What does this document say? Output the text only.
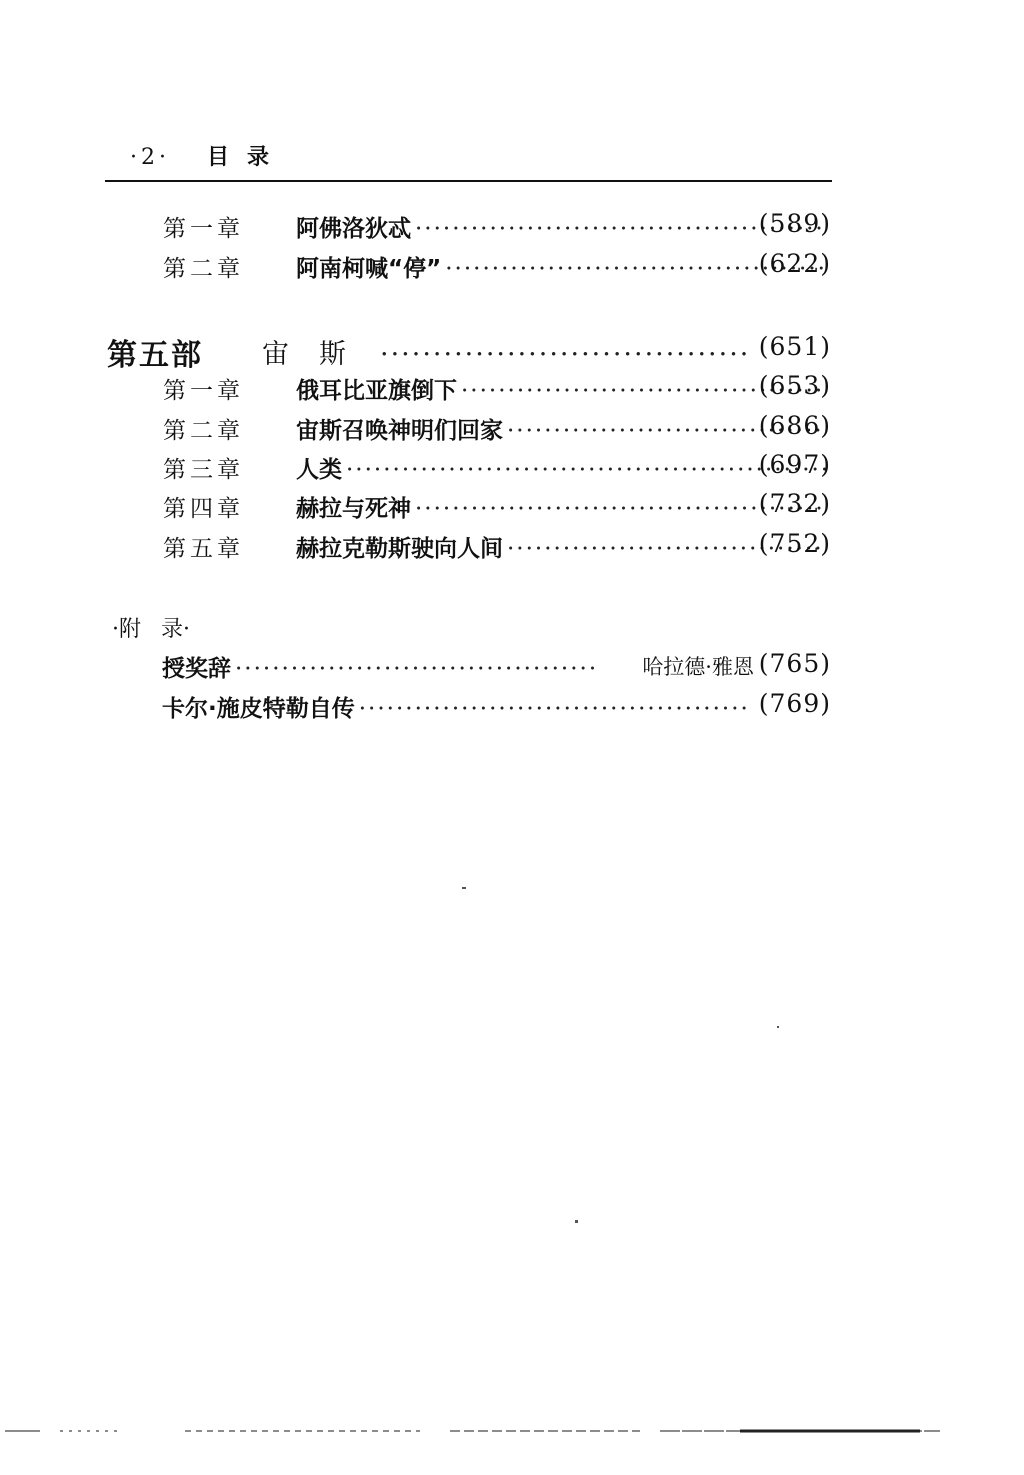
·2· 目 录
第一章 阿佛洛狄忒 ·····	(589)
第二章 阿南柯喊“停” ·····	(622)
第五部 宙斯 ·····	(651)
第一章 俄耳比亚旗倒下 ·····	(653)
第二章 宙斯召唤神明们回家 ·····	(686)
第三章 人类 ·····	(697)
第四章 赫拉与死神 ·····	(732)
第五章 赫拉克勒斯驶向人间 ·····	(752)
·附 录·
授奖辞 ·····	哈拉德·雅恩 (765)
卡尔·施皮特勒自传 ·····	(769)
